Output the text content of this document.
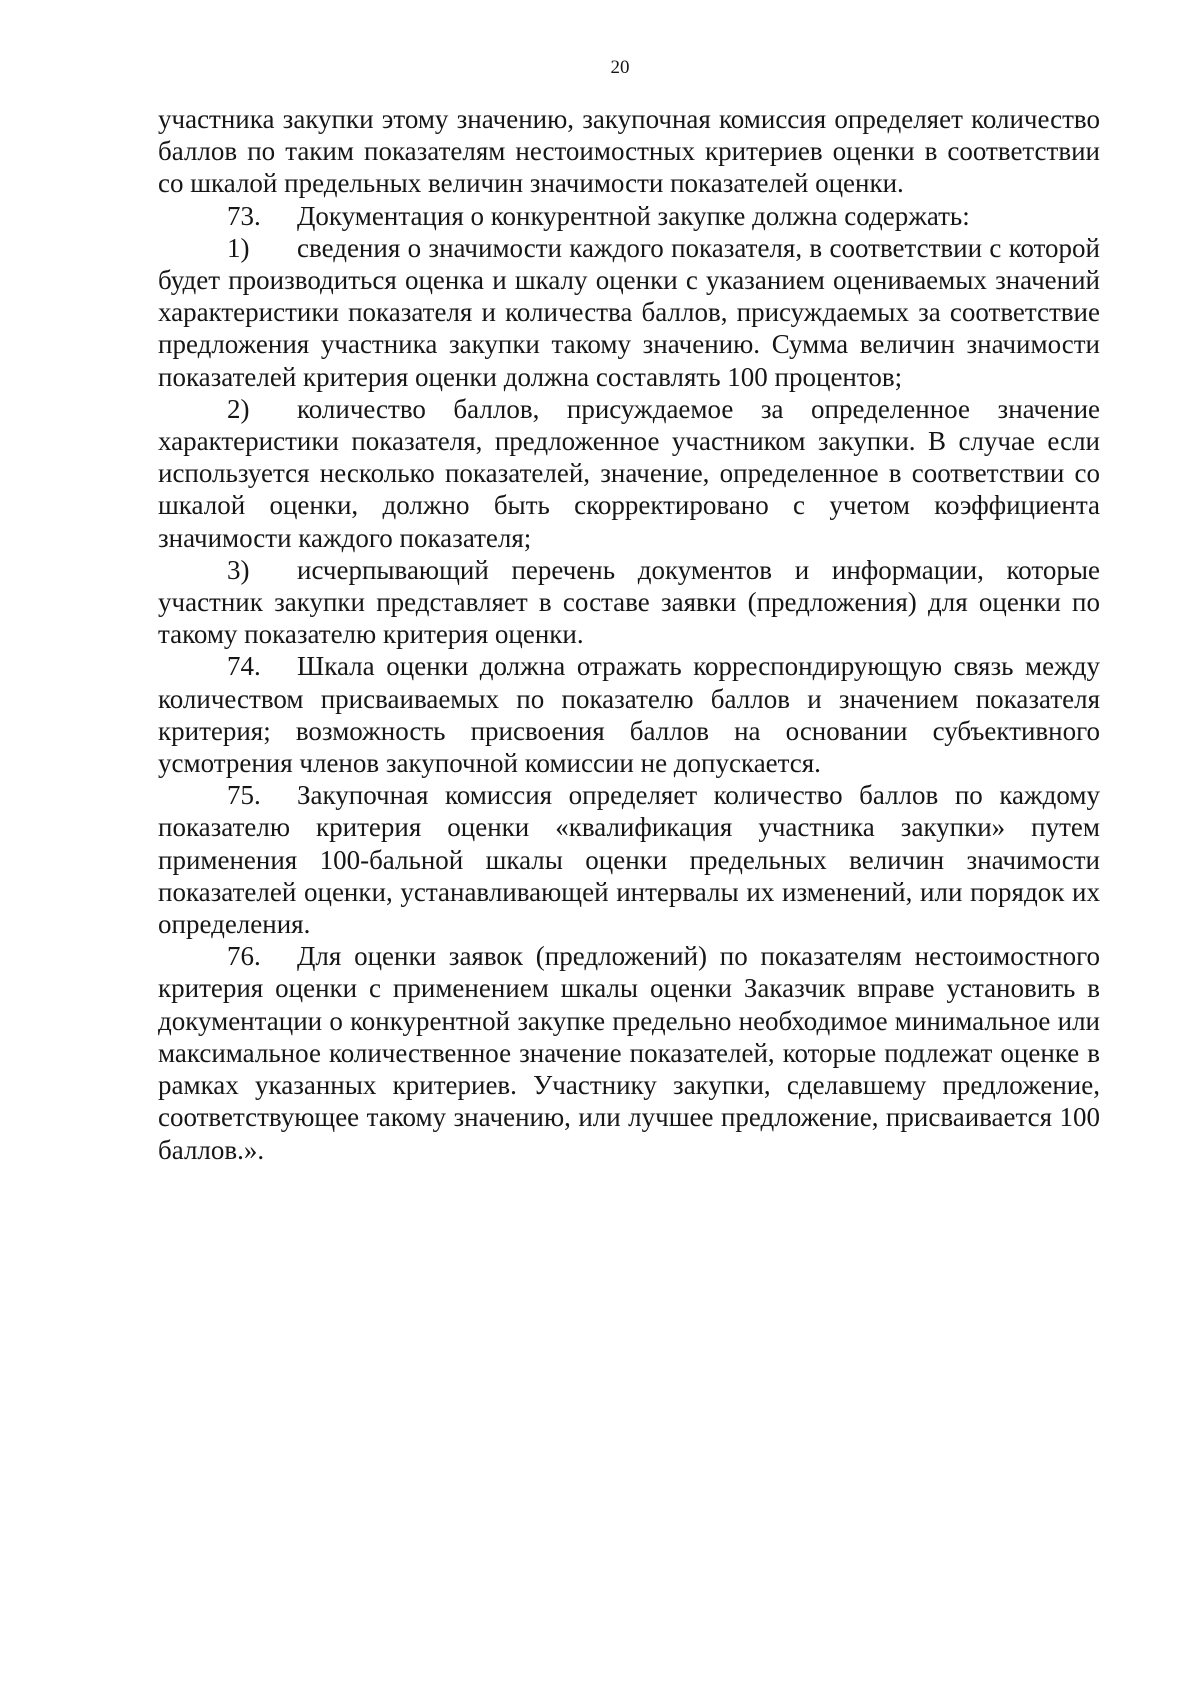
20

участника закупки этому значению, закупочная комиссия определяет количество баллов по таким показателям нестоимостных критериев оценки в соответствии со шкалой предельных величин значимости показателей оценки.

73. Документация о конкурентной закупке должна содержать:

1) сведения о значимости каждого показателя, в соответствии с которой будет производиться оценка и шкалу оценки с указанием оцениваемых значений характеристики показателя и количества баллов, присуждаемых за соответствие предложения участника закупки такому значению. Сумма величин значимости показателей критерия оценки должна составлять 100 процентов;

2) количество баллов, присуждаемое за определенное значение характеристики показателя, предложенное участником закупки. В случае если используется несколько показателей, значение, определенное в соответствии со шкалой оценки, должно быть скорректировано с учетом коэффициента значимости каждого показателя;

3) исчерпывающий перечень документов и информации, которые участник закупки представляет в составе заявки (предложения) для оценки по такому показателю критерия оценки.

74. Шкала оценки должна отражать корреспондирующую связь между количеством присваиваемых по показателю баллов и значением показателя критерия; возможность присвоения баллов на основании субъективного усмотрения членов закупочной комиссии не допускается.

75. Закупочная комиссия определяет количество баллов по каждому показателю критерия оценки «квалификация участника закупки» путем применения 100-бальной шкалы оценки предельных величин значимости показателей оценки, устанавливающей интервалы их изменений, или порядок их определения.

76. Для оценки заявок (предложений) по показателям нестоимостного критерия оценки с применением шкалы оценки Заказчик вправе установить в документации о конкурентной закупке предельно необходимое минимальное или максимальное количественное значение показателей, которые подлежат оценке в рамках указанных критериев. Участнику закупки, сделавшему предложение, соответствующее такому значению, или лучшее предложение, присваивается 100 баллов.».
